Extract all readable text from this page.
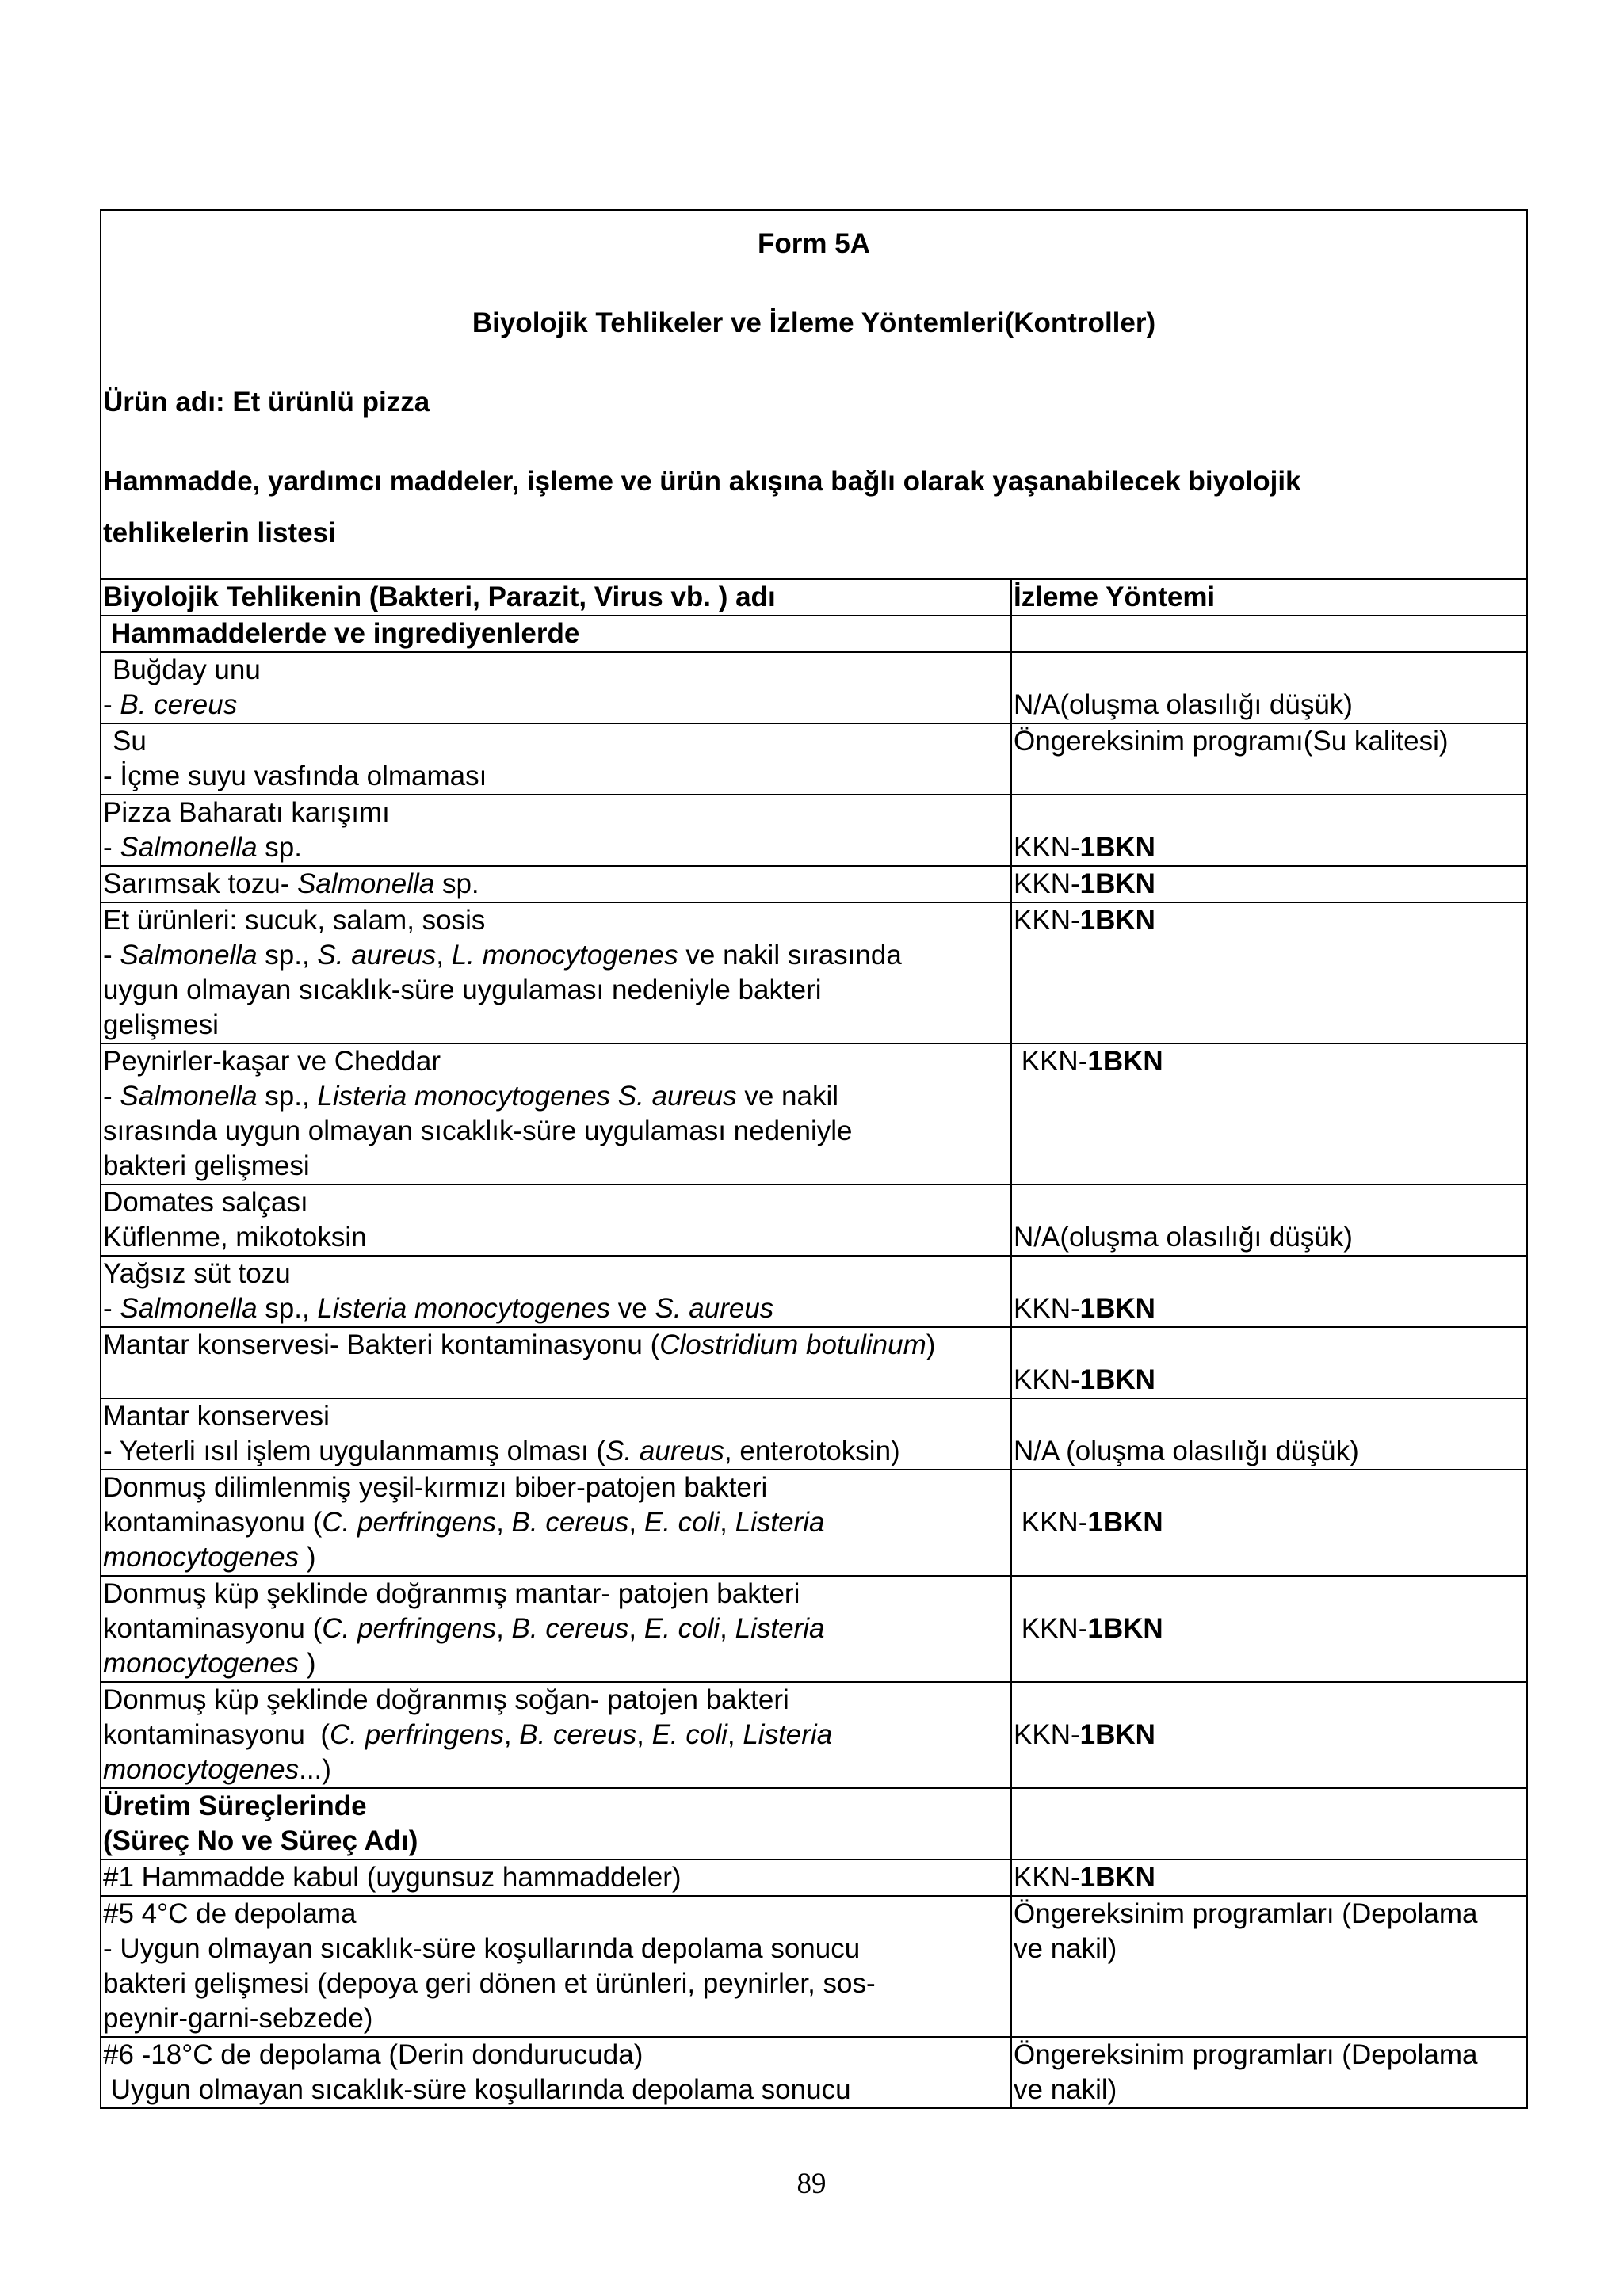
Form 5A
Biyolojik Tehlikeler ve İzleme Yöntemleri(Kontroller)
Ürün adı: Et ürünlü pizza
Hammadde, yardımcı maddeler, işleme ve ürün akışına bağlı olarak yaşanabilecek biyolojik
tehlikelerin listesi
Biyolojik Tehlikenin (Bakteri, Parazit, Virus vb. ) adı	İzleme Yöntemi
Hammaddelerde ve ingrediyenlerde	

Buğday unu
- B. cereus	N/A(oluşma olasılığı düşük)

Su
- İçme suyu vasfında olmaması	Öngereksinim programı(Su kalitesi)

Pizza Baharatı karışımı
- Salmonella sp.	KKN-1BKN
Sarımsak tozu- Salmonella sp.	KKN-1BKN

Et ürünleri: sucuk, salam, sosis
- Salmonella sp., S. aureus, L. monocytogenes ve nakil sırasında
uygun olmayan sıcaklık-süre uygulaması nedeniyle bakteri
gelişmesi	KKN-1BKN

Peynirler-kaşar ve Cheddar
- Salmonella sp., Listeria monocytogenes S. aureus ve nakil
sırasında uygun olmayan sıcaklık-süre uygulaması nedeniyle
bakteri gelişmesi	KKN-1BKN

Domates salçası
Küflenme, mikotoksin	N/A(oluşma olasılığı düşük)

Yağsız süt tozu
- Salmonella sp., Listeria monocytogenes ve S. aureus	KKN-1BKN
Mantar konservesi- Bakteri kontaminasyonu (Clostridium botulinum)	KKN-1BKN

Mantar konservesi
- Yeterli ısıl işlem uygulanmamış olması (S. aureus, enterotoksin)	N/A (oluşma olasılığı düşük)

Donmuş dilimlenmiş yeşil-kırmızı biber-patojen bakteri
kontaminasyonu (C. perfringens, B. cereus, E. coli, Listeria
monocytogenes )	KKN-1BKN

Donmuş küp şeklinde doğranmış mantar- patojen bakteri
kontaminasyonu (C. perfringens, B. cereus, E. coli, Listeria
monocytogenes )	KKN-1BKN

Donmuş küp şeklinde doğranmış soğan- patojen bakteri
kontaminasyonu  (C. perfringens, B. cereus, E. coli, Listeria
monocytogenes...)	KKN-1BKN

Üretim Süreçlerinde
(Süreç No ve Süreç Adı)	

#1 Hammadde kabul (uygunsuz hammaddeler)	KKN-1BKN

#5 4°C de depolama
- Uygun olmayan sıcaklık-süre koşullarında depolama sonucu
bakteri gelişmesi (depoya geri dönen et ürünleri, peynirler, sos-
peynir-garni-sebzede)	Öngereksinim programları (Depolama
ve nakil)

#6 -18°C de depolama (Derin dondurucuda)
Uygun olmayan sıcaklık-süre koşullarında depolama sonucu	Öngereksinim programları (Depolama
ve nakil)
89
